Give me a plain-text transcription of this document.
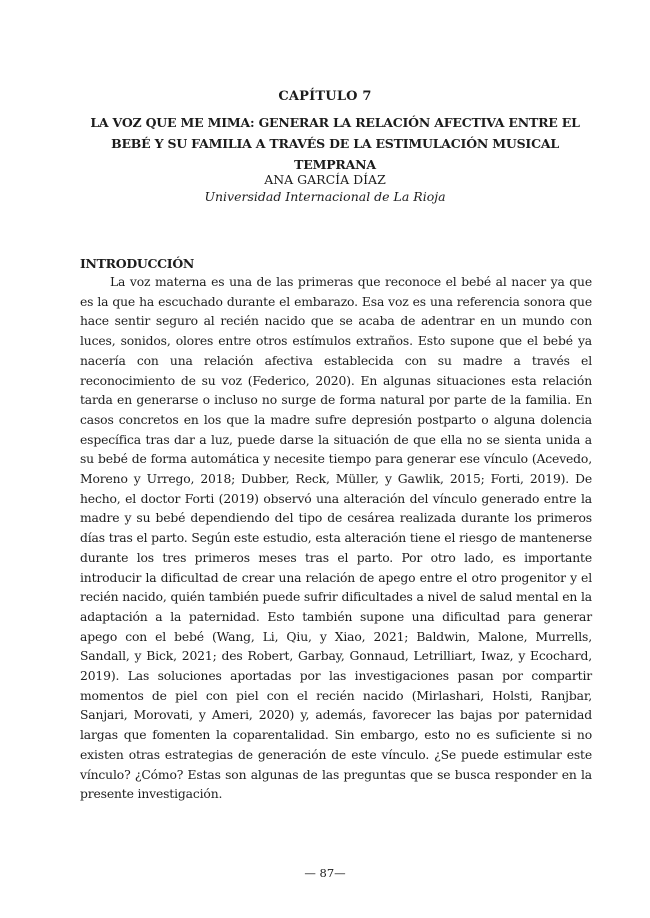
CAPÍTULO 7
LA VOZ QUE ME MIMA: GENERAR LA RELACIÓN AFECTIVA ENTRE EL BEBÉ Y SU FAMILIA A TRAVÉS DE LA ESTIMULACIÓN MUSICAL TEMPRANA
ANA GARCÍA DÍAZ
Universidad Internacional de La Rioja
INTRODUCCIÓN

La voz materna es una de las primeras que reconoce el bebé al nacer ya que es la que ha escuchado durante el embarazo. Esa voz es una referencia sonora que hace sentir seguro al recién nacido que se acaba de adentrar en un mundo con luces, sonidos, olores entre otros estímulos extraños. Esto supone que el bebé ya nacería con una relación afectiva establecida con su madre a través el reconocimiento de su voz (Federico, 2020). En algunas situaciones esta relación tarda en generarse o incluso no surge de forma natural por parte de la familia. En casos concretos en los que la madre sufre depresión postparto o alguna dolencia específica tras dar a luz, puede darse la situación de que ella no se sienta unida a su bebé de forma automática y necesite tiempo para generar ese vínculo (Acevedo, Moreno y Urrego, 2018; Dubber, Reck, Müller, y Gawlik, 2015; Forti, 2019). De hecho, el doctor Forti (2019) observó una alteración del vínculo generado entre la madre y su bebé dependiendo del tipo de cesárea realizada durante los primeros días tras el parto. Según este estudio, esta alteración tiene el riesgo de mantenerse durante los tres primeros meses tras el parto. Por otro lado, es importante introducir la dificultad de crear una relación de apego entre el otro progenitor y el recién nacido, quién también puede sufrir dificultades a nivel de salud mental en la adaptación a la paternidad. Esto también supone una dificultad para generar apego con el bebé (Wang, Li, Qiu, y Xiao, 2021; Baldwin, Malone, Murrells, Sandall, y Bick, 2021; des Robert, Garbay, Gonnaud, Letrilliart, Iwaz, y Ecochard, 2019). Las soluciones aportadas por las investigaciones pasan por compartir momentos de piel con piel con el recién nacido (Mirlashari, Holsti, Ranjbar, Sanjari, Morovati, y Ameri, 2020) y, además, favorecer las bajas por paternidad largas que fomenten la coparentalidad. Sin embargo, esto no es suficiente si no existen otras estrategias de generación de este vínculo. ¿Se puede estimular este vínculo? ¿Cómo? Estas son algunas de las preguntas que se busca responder en la presente investigación.

— 87—
